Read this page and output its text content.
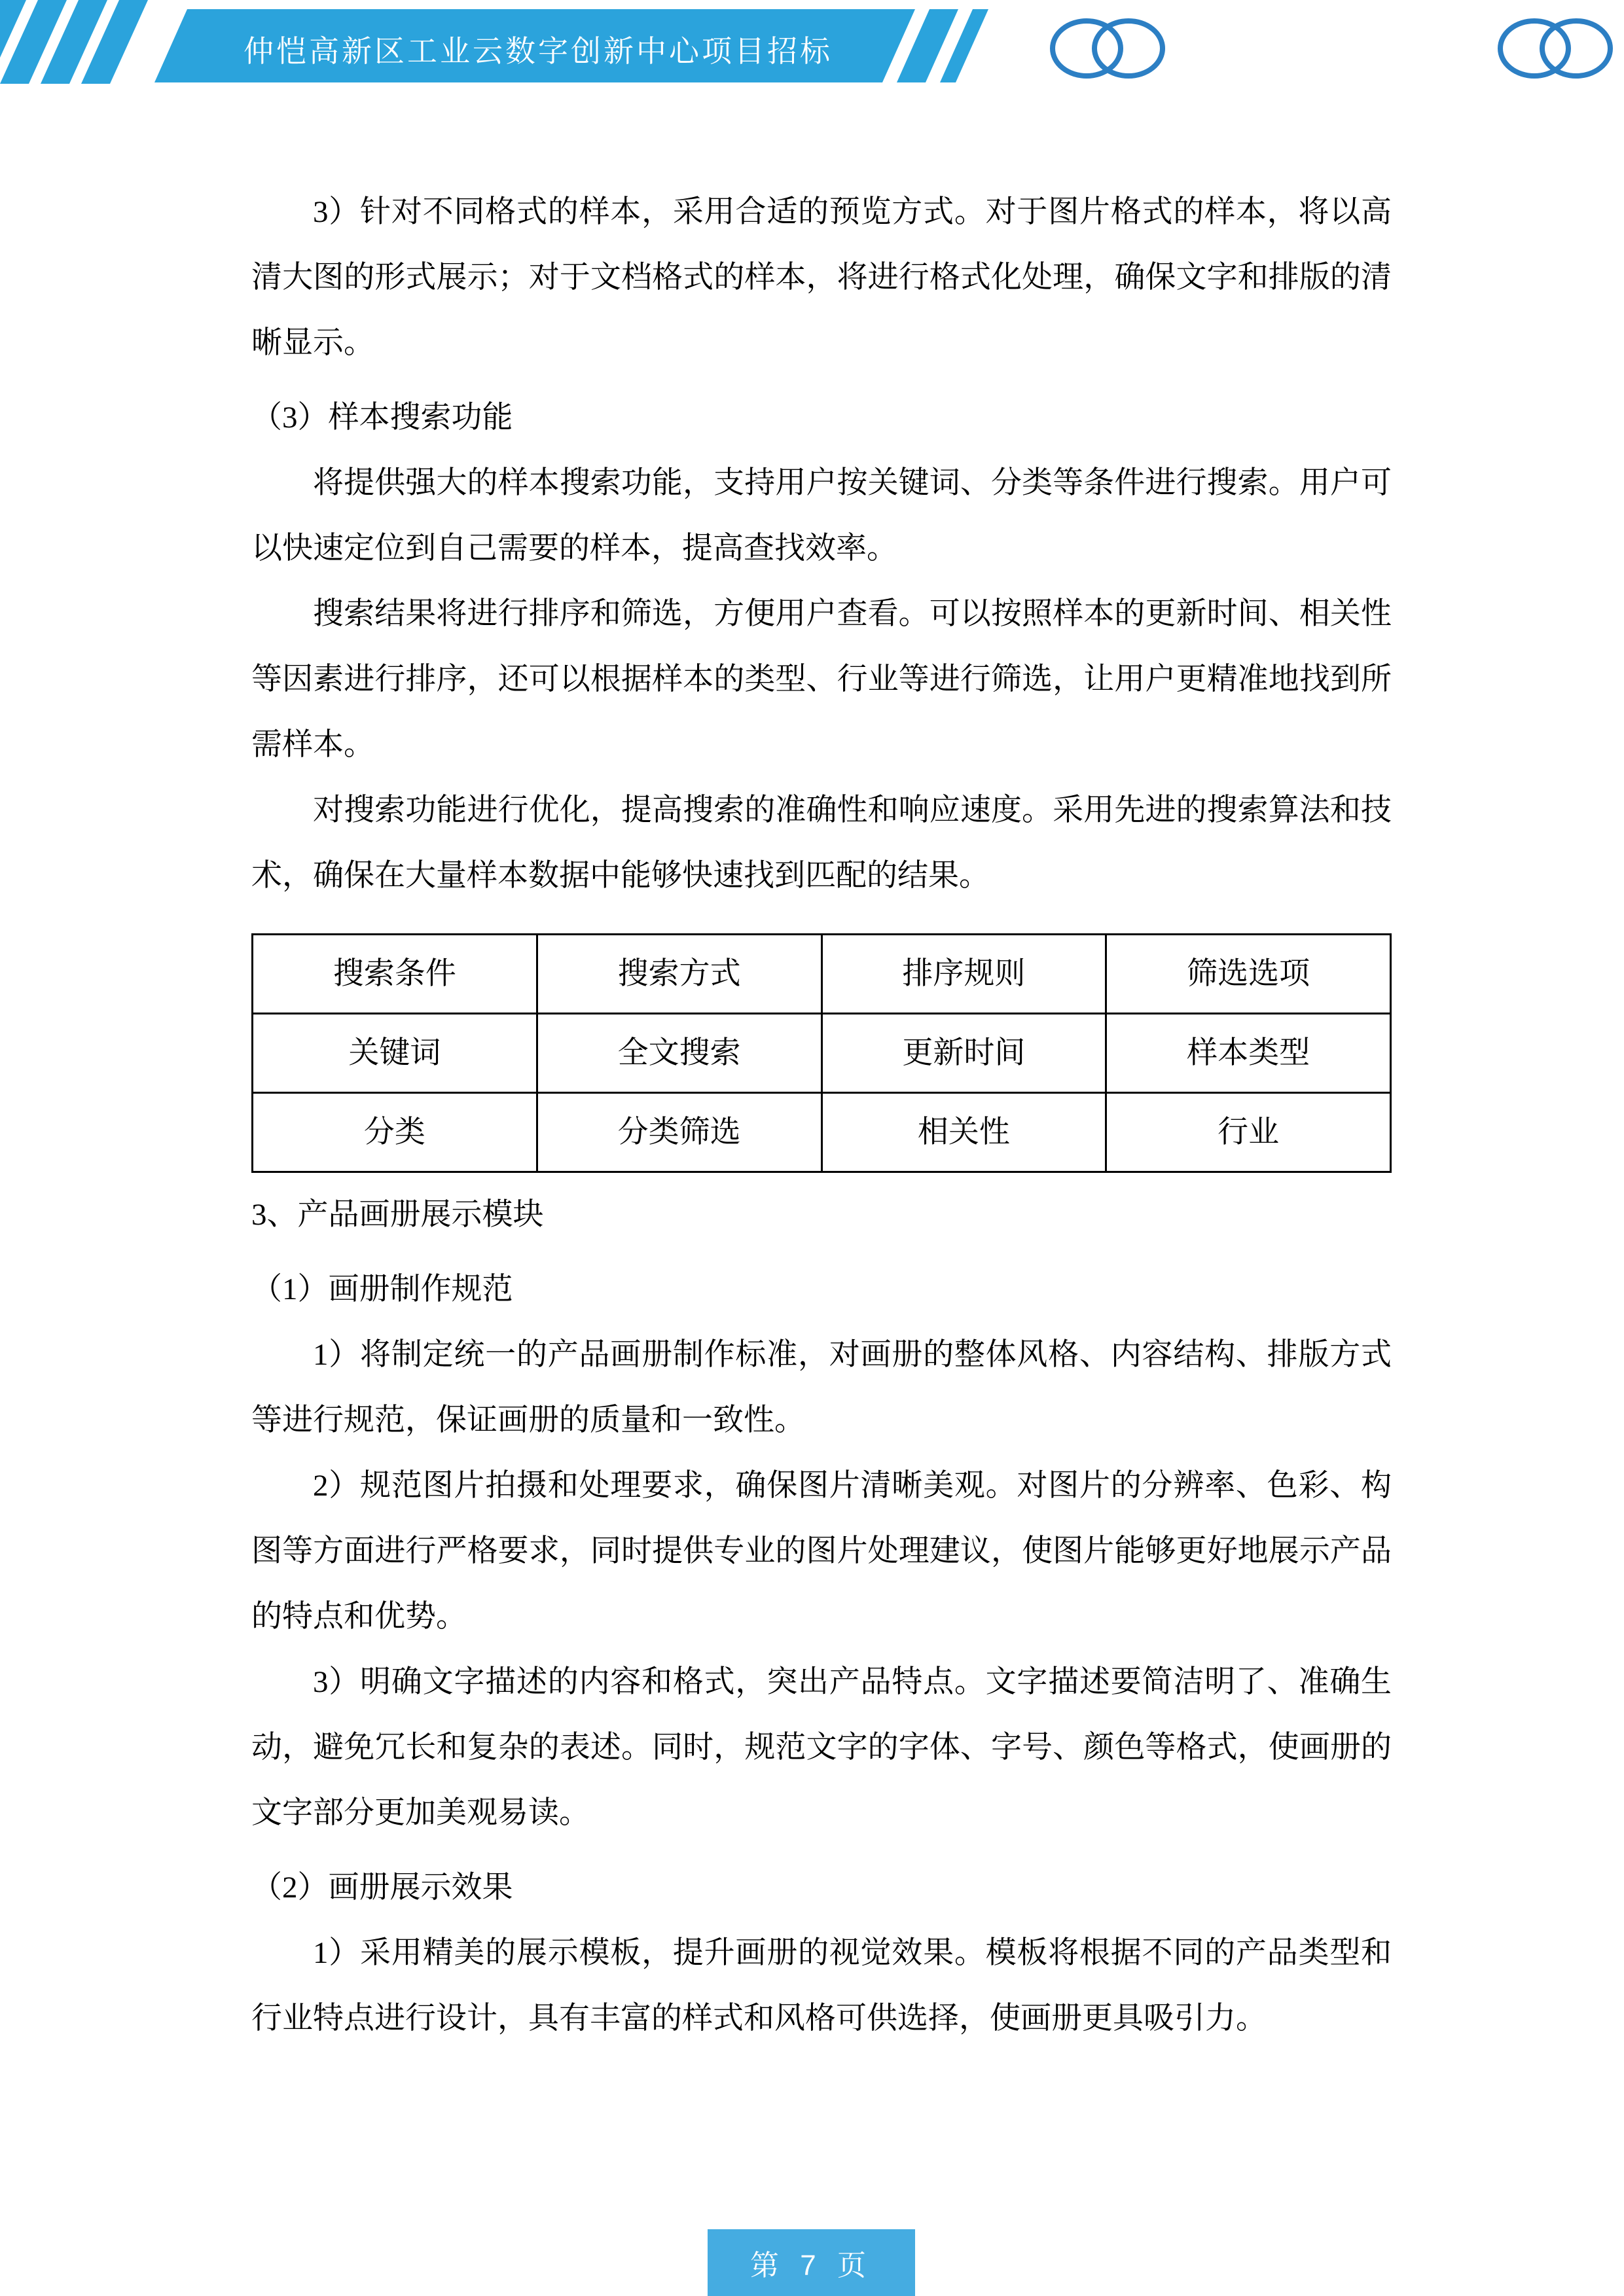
仲恺高新区工业云数字创新中心项目招标

3）针对不同格式的样本，采用合适的预览方式。对于图片格式的样本，将以高清大图的形式展示；对于文档格式的样本，将进行格式化处理，确保文字和排版的清晰显示。

（3）样本搜索功能

将提供强大的样本搜索功能，支持用户按关键词、分类等条件进行搜索。用户可以快速定位到自己需要的样本，提高查找效率。

搜索结果将进行排序和筛选，方便用户查看。可以按照样本的更新时间、相关性等因素进行排序，还可以根据样本的类型、行业等进行筛选，让用户更精准地找到所需样本。

对搜索功能进行优化，提高搜索的准确性和响应速度。采用先进的搜索算法和技术，确保在大量样本数据中能够快速找到匹配的结果。

搜索条件	搜索方式	排序规则	筛选选项
关键词	全文搜索	更新时间	样本类型
分类	分类筛选	相关性	行业

3、产品画册展示模块

（1）画册制作规范

1）将制定统一的产品画册制作标准，对画册的整体风格、内容结构、排版方式等进行规范，保证画册的质量和一致性。

2）规范图片拍摄和处理要求，确保图片清晰美观。对图片的分辨率、色彩、构图等方面进行严格要求，同时提供专业的图片处理建议，使图片能够更好地展示产品的特点和优势。

3）明确文字描述的内容和格式，突出产品特点。文字描述要简洁明了、准确生动，避免冗长和复杂的表述。同时，规范文字的字体、字号、颜色等格式，使画册的文字部分更加美观易读。

（2）画册展示效果

1）采用精美的展示模板，提升画册的视觉效果。模板将根据不同的产品类型和行业特点进行设计，具有丰富的样式和风格可供选择，使画册更具吸引力。

第 7 页
